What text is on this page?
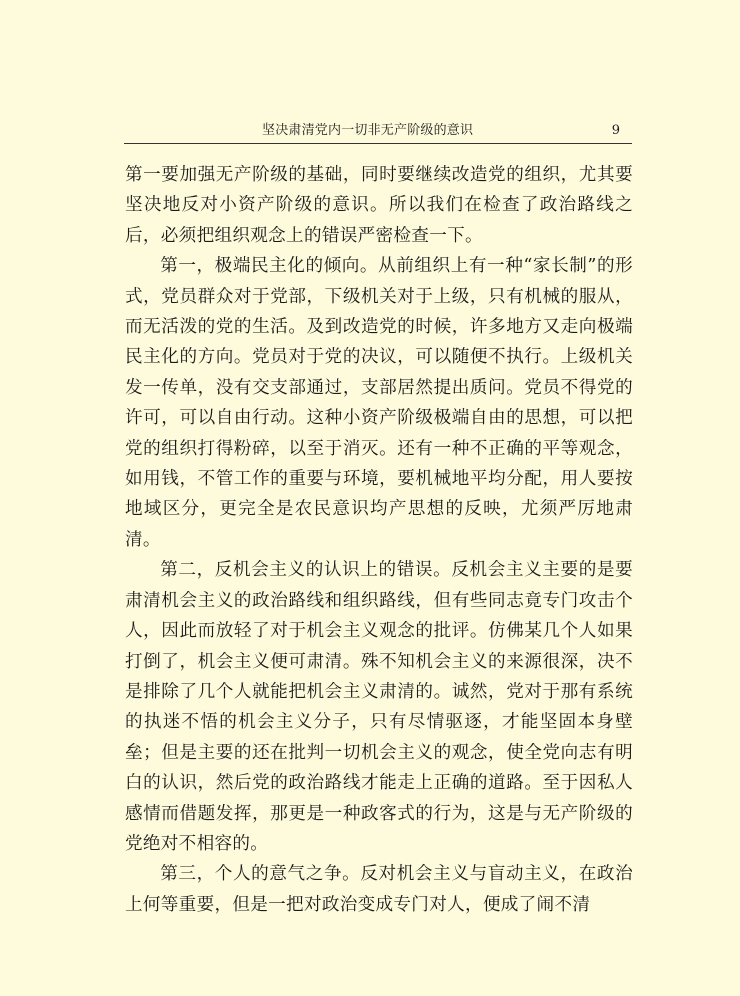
坚决肃清党内一切非无产阶级的意识	9

第一要加强无产阶级的基础，同时要继续改造党的组织，尤其要坚决地反对小资产阶级的意识。所以我们在检查了政治路线之后，必须把组织观念上的错误严密检查一下。

第一，极端民主化的倾向。从前组织上有一种“家长制”的形式，党员群众对于党部，下级机关对于上级，只有机械的服从，而无活泼的党的生活。及到改造党的时候，许多地方又走向极端民主化的方向。党员对于党的决议，可以随便不执行。上级机关发一传单，没有交支部通过，支部居然提出质问。党员不得党的许可，可以自由行动。这种小资产阶级极端自由的思想，可以把党的组织打得粉碎，以至于消灭。还有一种不正确的平等观念，如用钱，不管工作的重要与环境，要机械地平均分配，用人要按地域区分，更完全是农民意识均产思想的反映，尤须严厉地肃清。

第二，反机会主义的认识上的错误。反机会主义主要的是要肃清机会主义的政治路线和组织路线，但有些同志竟专门攻击个人，因此而放轻了对于机会主义观念的批评。仿佛某几个人如果打倒了，机会主义便可肃清。殊不知机会主义的来源很深，决不是排除了几个人就能把机会主义肃清的。诚然，党对于那有系统的执迷不悟的机会主义分子，只有尽情驱逐，才能坚固本身壁垒；但是主要的还在批判一切机会主义的观念，使全党向志有明白的认识，然后党的政治路线才能走上正确的道路。至于因私人感情而借题发挥，那更是一种政客式的行为，这是与无产阶级的党绝对不相容的。

第三，个人的意气之争。反对机会主义与盲动主义，在政治上何等重要，但是一把对政治变成专门对人，便成了闹不清
